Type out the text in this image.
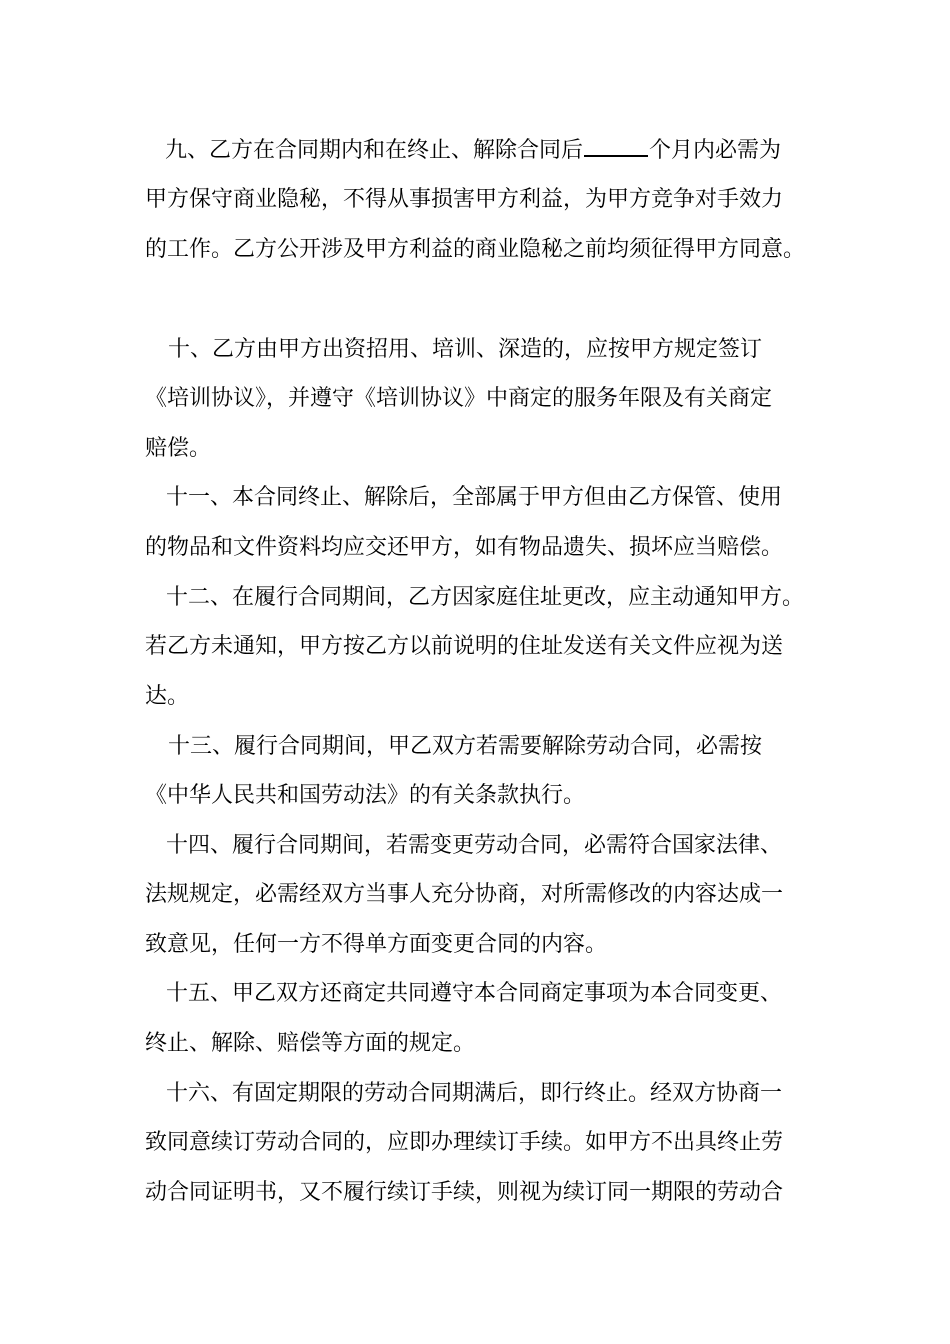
九、乙方在合同期内和在终止、解除合同后	个月内必需为
甲方保守商业隐秘，不得从事损害甲方利益，为甲方竞争对手效力
的工作。乙方公开涉及甲方利益的商业隐秘之前均须征得甲方同意。
十、乙方由甲方出资招用、培训、深造的，应按甲方规定签订
《培训协议》，并遵守《培训协议》中商定的服务年限及有关商定
赔偿。
十一、本合同终止、解除后，全部属于甲方但由乙方保管、使用
的物品和文件资料均应交还甲方，如有物品遗失、损坏应当赔偿。
十二、在履行合同期间，乙方因家庭住址更改，应主动通知甲方。
若乙方未通知，甲方按乙方以前说明的住址发送有关文件应视为送
达。
十三、履行合同期间，甲乙双方若需要解除劳动合同，必需按
《中华人民共和国劳动法》的有关条款执行。
十四、履行合同期间，若需变更劳动合同，必需符合国家法律、
法规规定，必需经双方当事人充分协商，对所需修改的内容达成一
致意见，任何一方不得单方面变更合同的内容。
十五、甲乙双方还商定共同遵守本合同商定事项为本合同变更、
终止、解除、赔偿等方面的规定。
十六、有固定期限的劳动合同期满后，即行终止。经双方协商一
致同意续订劳动合同的，应即办理续订手续。如甲方不出具终止劳
动合同证明书，又不履行续订手续，则视为续订同一期限的劳动合
